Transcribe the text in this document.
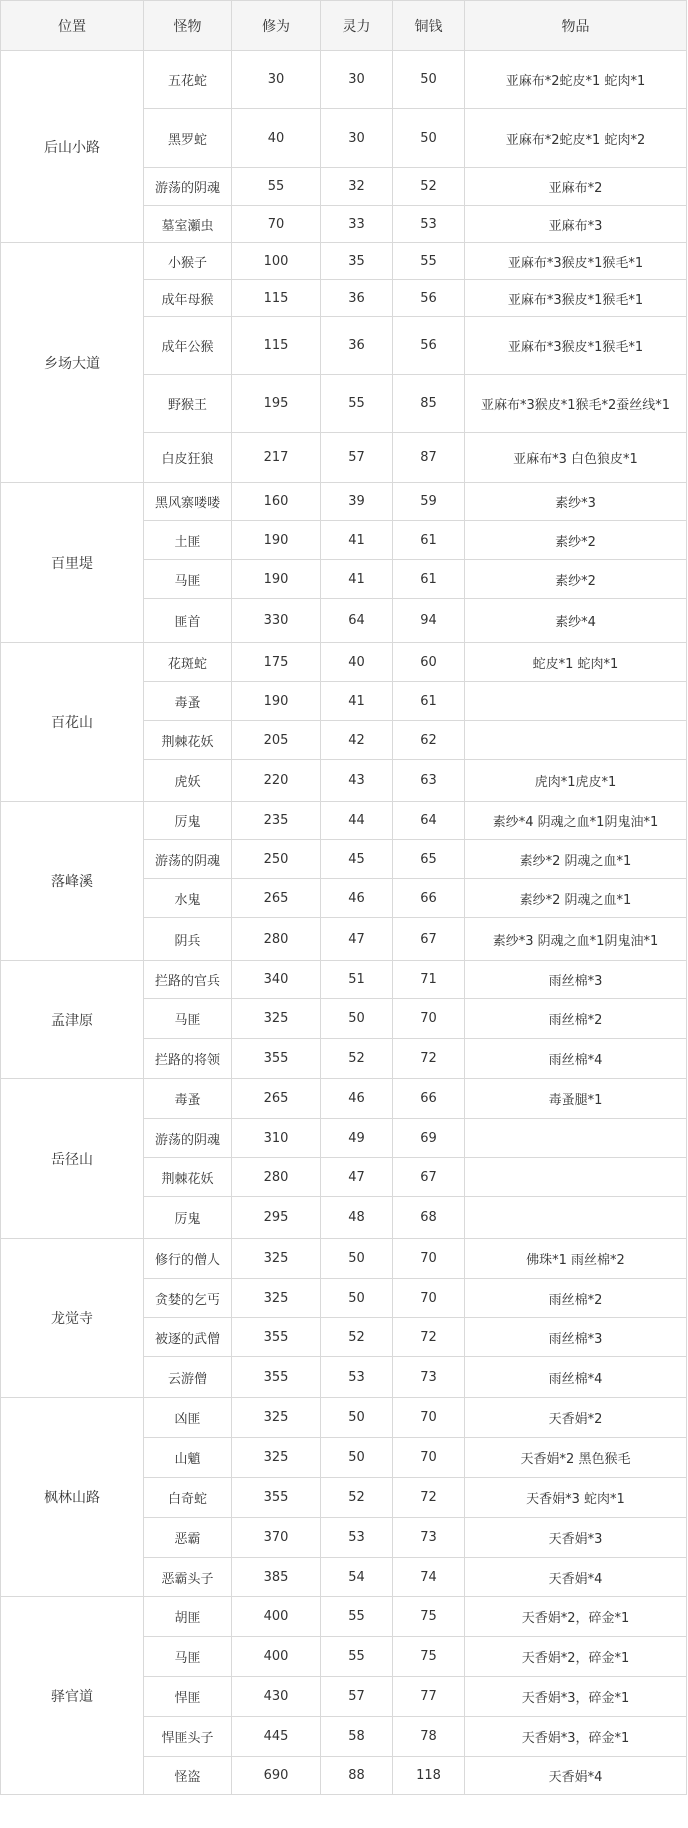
位置	怪物	修为	灵力	铜钱	物品
后山小路	五花蛇	30	30	50	亚麻布*2蛇皮*1 蛇肉*1
	黑罗蛇	40	30	50	亚麻布*2蛇皮*1 蛇肉*2
	游荡的阴魂	55	32	52	亚麻布*2
	墓室瀬虫	70	33	53	亚麻布*3
乡场大道	小猴子	100	35	55	亚麻布*3猴皮*1猴毛*1
	成年母猴	115	36	56	亚麻布*3猴皮*1猴毛*1
	成年公猴	115	36	56	亚麻布*3猴皮*1猴毛*1
	野猴王	195	55	85	亚麻布*3猴皮*1猴毛*2蚕丝线*1
	白皮狂狼	217	57	87	亚麻布*3 白色狼皮*1
百里堤	黑风寨喽喽	160	39	59	素纱*3
	土匪	190	41	61	素纱*2
	马匪	190	41	61	素纱*2
	匪首	330	64	94	素纱*4
百花山	花斑蛇	175	40	60	蛇皮*1 蛇肉*1
	毒蚤	190	41	61	
	荆棘花妖	205	42	62	
	虎妖	220	43	63	虎肉*1虎皮*1
落峰溪	厉鬼	235	44	64	素纱*4 阴魂之血*1阴鬼油*1
	游荡的阴魂	250	45	65	素纱*2 阴魂之血*1
	水鬼	265	46	66	素纱*2 阴魂之血*1
	阴兵	280	47	67	素纱*3 阴魂之血*1阴鬼油*1
孟津原	拦路的官兵	340	51	71	雨丝棉*3
	马匪	325	50	70	雨丝棉*2
	拦路的将领	355	52	72	雨丝棉*4
岳径山	毒蚤	265	46	66	毒蚤腿*1
	游荡的阴魂	310	49	69	
	荆棘花妖	280	47	67	
	厉鬼	295	48	68	
龙觉寺	修行的僧人	325	50	70	佛珠*1 雨丝棉*2
	贪婪的乞丐	325	50	70	雨丝棉*2
	被逐的武僧	355	52	72	雨丝棉*3
	云游僧	355	53	73	雨丝棉*4
枫林山路	凶匪	325	50	70	天香娟*2
	山魈	325	50	70	天香娟*2 黑色猴毛
	白奇蛇	355	52	72	天香娟*3 蛇肉*1
	恶霸	370	53	73	天香娟*3
	恶霸头子	385	54	74	天香娟*4
驿官道	胡匪	400	55	75	天香娟*2，碎金*1
	马匪	400	55	75	天香娟*2，碎金*1
	悍匪	430	57	77	天香娟*3，碎金*1
	悍匪头子	445	58	78	天香娟*3，碎金*1
	怪盗	690	88	118	天香娟*4
